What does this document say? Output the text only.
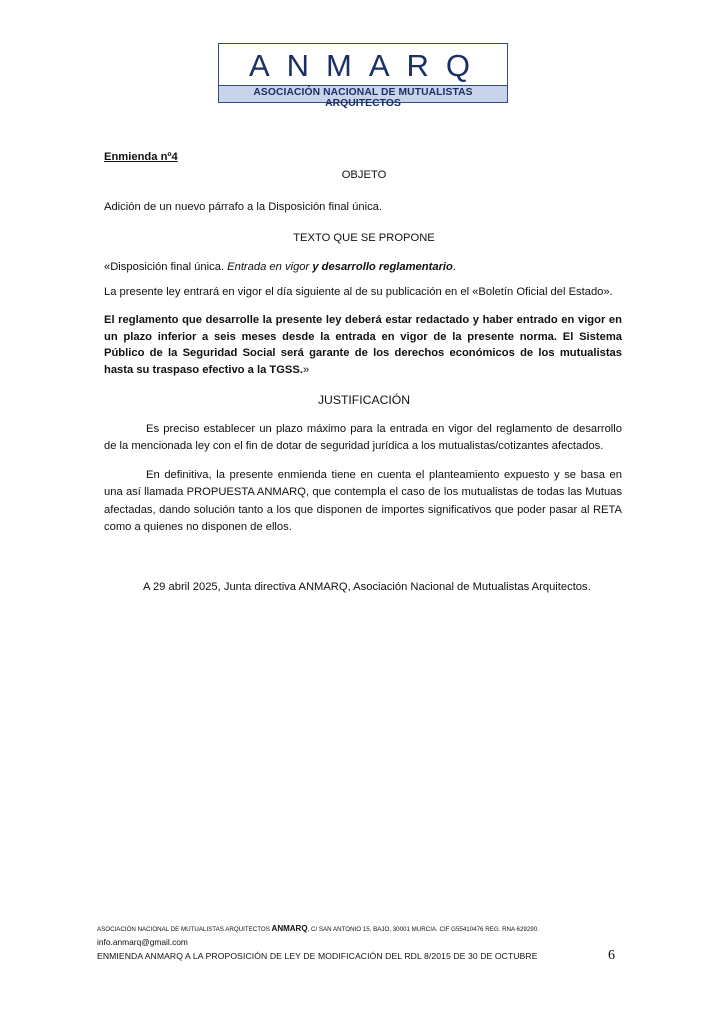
ANMARQ
ASOCIACIÓN NACIONAL DE MUTUALISTAS ARQUITECTOS
Enmienda nº4
OBJETO
Adición de un nuevo párrafo a la Disposición final única.
TEXTO QUE SE PROPONE
«Disposición final única. Entrada en vigor y desarrollo reglamentario.
La presente ley entrará en vigor el día siguiente al de su publicación en el «Boletín Oficial del Estado».
El reglamento que desarrolle la presente ley deberá estar redactado y haber entrado en vigor en un plazo inferior a seis meses desde la entrada en vigor de la presente norma. El Sistema Público de la Seguridad Social será garante de los derechos económicos de los mutualistas hasta su traspaso efectivo a la TGSS.»
JUSTIFICACIÓN
Es preciso establecer un plazo máximo para la entrada en vigor del reglamento de desarrollo de la mencionada ley con el fin de dotar de seguridad jurídica a los mutualistas/cotizantes afectados.
En definitiva, la presente enmienda tiene en cuenta el planteamiento expuesto y se basa en una así llamada PROPUESTA ANMARQ, que contempla el caso de los mutualistas de todas las Mutuas afectadas, dando solución tanto a los que disponen de importes significativos que poder pasar al RETA como a quienes no disponen de ellos.
A 29 abril 2025, Junta directiva ANMARQ, Asociación Nacional de Mutualistas Arquitectos.
ASOCIACIÓN NACIONAL DE MUTUALISTAS ARQUITECTOS ANMARQ, C/ SAN ANTONIO 15, BAJO, 30001 MURCIA. CIF G55410476 REG. RNA 629290.
info.anmarq@gmail.com
ENMIENDA ANMARQ A LA PROPOSICIÓN DE LEY DE MODIFICACIÓN DEL RDL 8/2015 DE 30 DE OCTUBRE	6
